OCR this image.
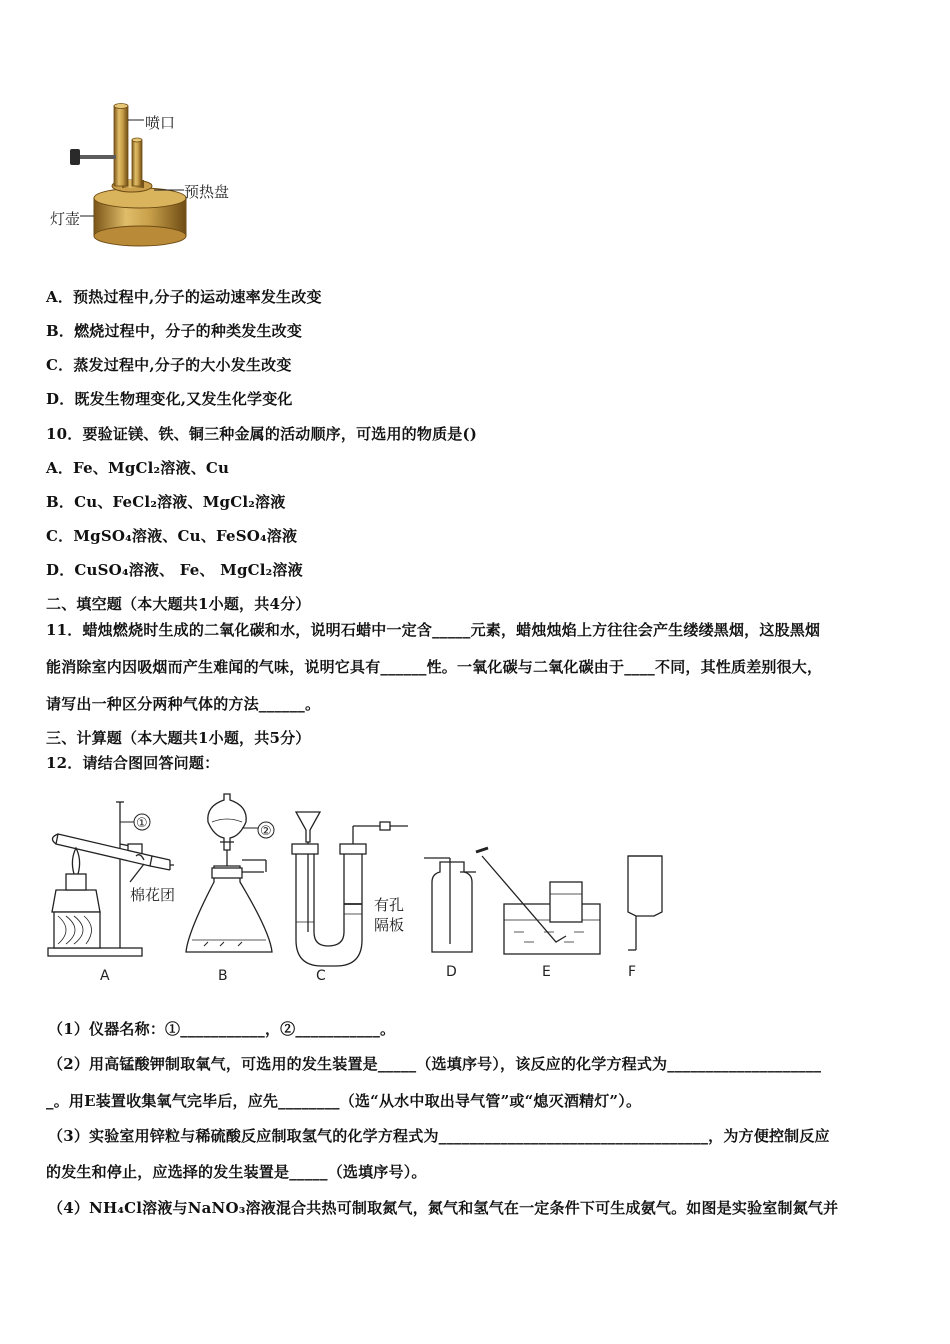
喷口
预热盘
灯壶
A．预热过程中,分子的运动速率发生改变
B．燃烧过程中，分子的种类发生改变
C．蒸发过程中,分子的大小发生改变
D．既发生物理变化,又发生化学变化
10．要验证镁、铁、铜三种金属的活动顺序，可选用的物质是()
A．Fe、MgCl₂溶液、Cu
B．Cu、FeCl₂溶液、MgCl₂溶液
C．MgSO₄溶液、Cu、FeSO₄溶液
D．CuSO₄溶液、 Fe、 MgCl₂溶液
二、填空题（本大题共1小题，共4分）
11．蜡烛燃烧时生成的二氧化碳和水，说明石蜡中一定含_____元素，蜡烛烛焰上方往往会产生缕缕黑烟，这股黑烟
能消除室内因吸烟而产生难闻的气味，说明它具有______性。一氧化碳与二氧化碳由于____不同，其性质差别很大，
请写出一种区分两种气体的方法______。
三、计算题（本大题共1小题，共5分）
12．请结合图回答问题：
有孔
隔板
棉花团
①
②
A	B	C	D	E	F
（1）仪器名称：①___________，②___________。
（2）用高锰酸钾制取氧气，可选用的发生装置是_____（选填序号），该反应的化学方程式为____________________
_。用E装置收集氧气完毕后，应先________（选“从水中取出导气管”或“熄灭酒精灯”）。
（3）实验室用锌粒与稀硫酸反应制取氢气的化学方程式为___________________________________，为方便控制反应
的发生和停止，应选择的发生装置是_____（选填序号）。
（4）NH₄Cl溶液与NaNO₃溶液混合共热可制取氮气，氮气和氢气在一定条件下可生成氨气。如图是实验室制氮气并
